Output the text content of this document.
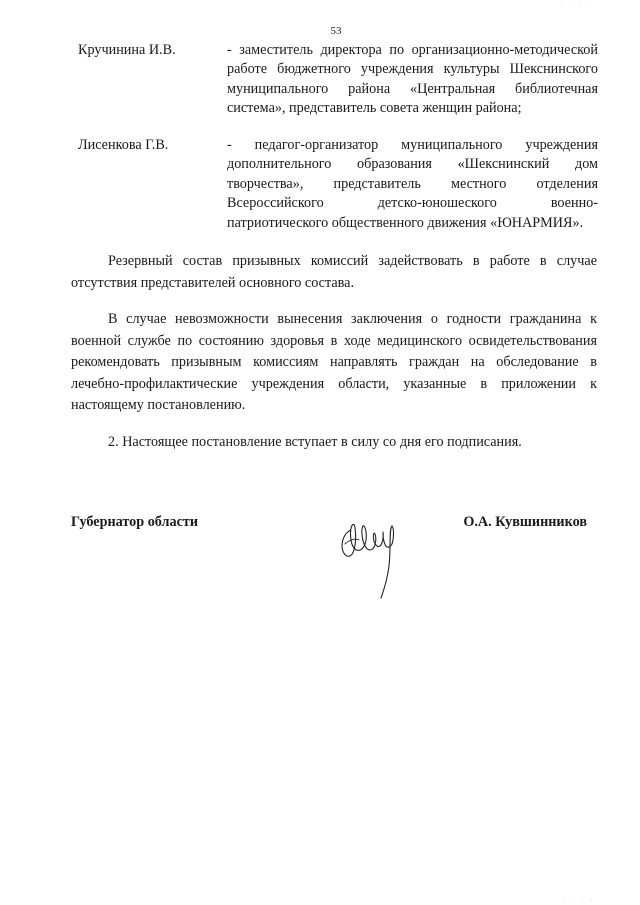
· · · ·
53
Кручинина И.В.	- заместитель директора по организационно-методической работе бюджетного учреждения культуры Шекснинского муниципального района «Центральная библиотечная система», представитель совета женщин района;
Лисенкова Г.В.	- педагог-организатор муниципального учреждения дополнительного образования «Шекснинский дом творчества», представитель местного отделения Всероссийского детско-юношеского военно-патриотического общественного движения «ЮНАРМИЯ».

Резервный состав призывных комиссий задействовать в работе в случае отсутствия представителей основного состава.

В случае невозможности вынесения заключения о годности гражданина к военной службе по состоянию здоровья в ходе медицинского освидетельствования рекомендовать призывным комиссиям направлять граждан на обследование в лечебно-профилактические учреждения области, указанные в приложении к настоящему постановлению.

2. Настоящее постановление вступает в силу со дня его подписания.

Губернатор области	О.А. Кувшинников
· · · ·
